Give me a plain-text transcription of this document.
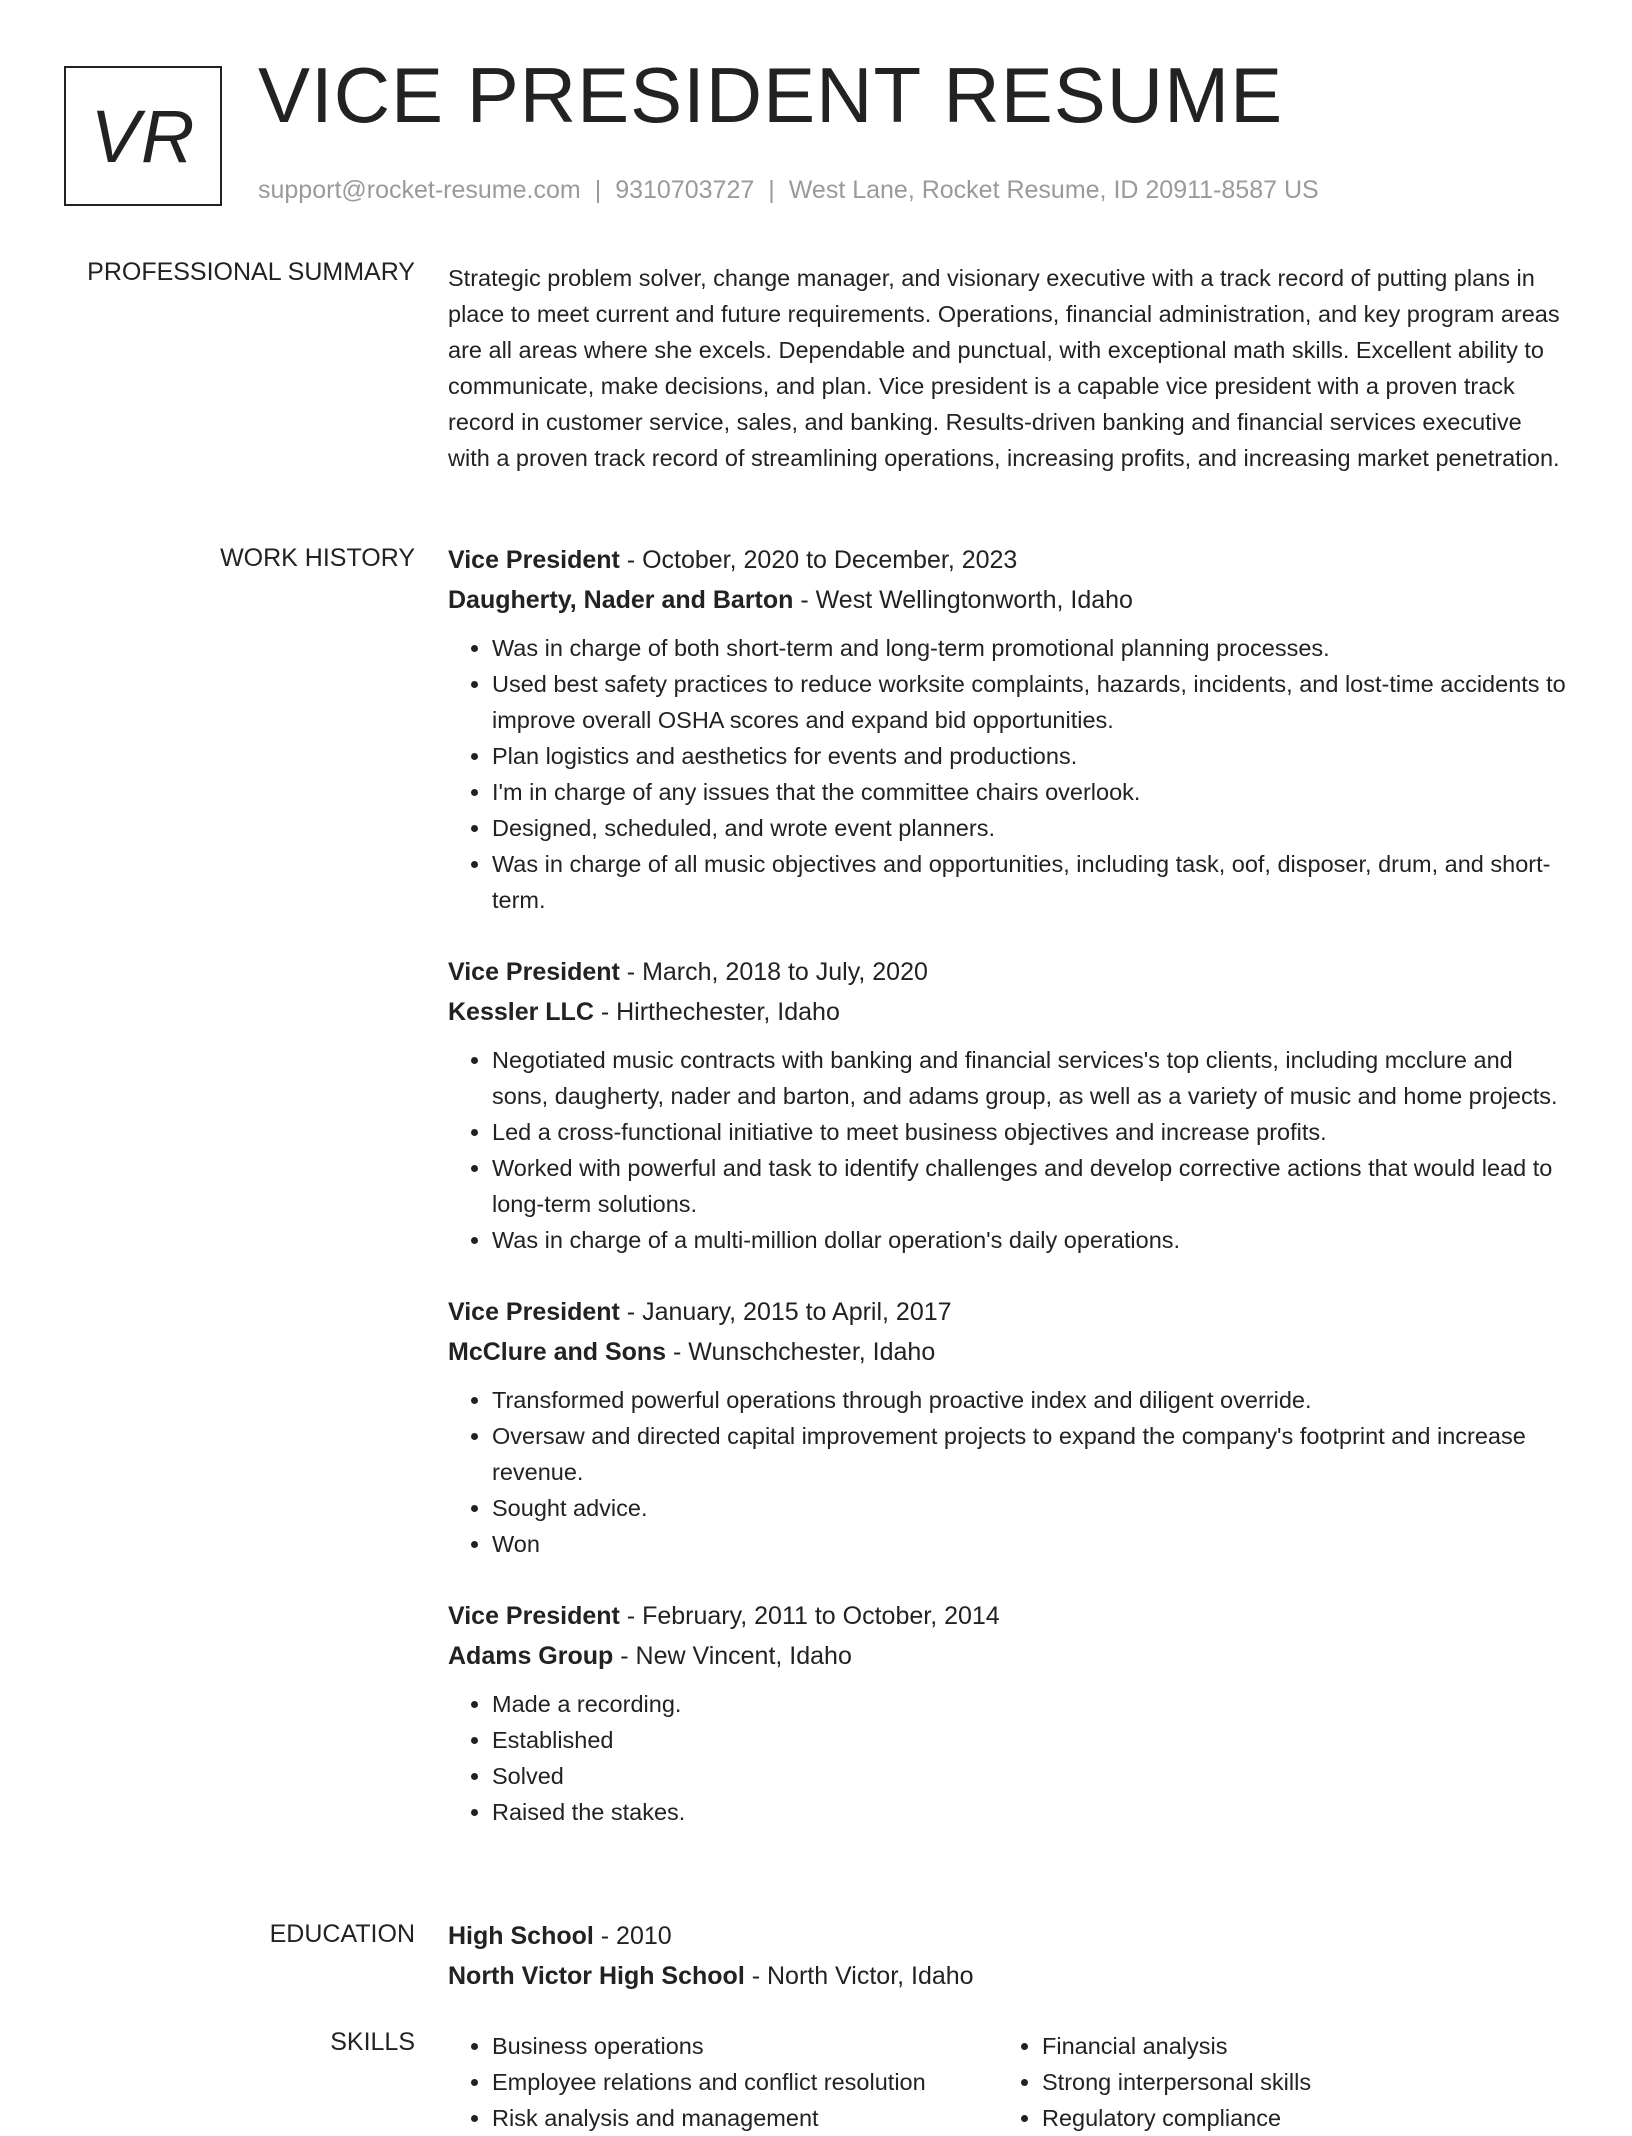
VR VICE PRESIDENT RESUME
support@rocket-resume.com | 9310703727 | West Lane, Rocket Resume, ID 20911-8587 US
PROFESSIONAL SUMMARY Strategic problem solver, change manager, and visionary executive with a track record of putting plans in place to meet current and future requirements. Operations, financial administration, and key program areas are all areas where she excels. Dependable and punctual, with exceptional math skills. Excellent ability to communicate, make decisions, and plan. Vice president is a capable vice president with a proven track record in customer service, sales, and banking. Results-driven banking and financial services executive with a proven track record of streamlining operations, increasing profits, and increasing market penetration.

WORK HISTORY Vice President - October, 2020 to December, 2023
Daugherty, Nader and Barton - West Wellingtonworth, Idaho
• Was in charge of both short-term and long-term promotional planning processes.
• Used best safety practices to reduce worksite complaints, hazards, incidents, and lost-time accidents to improve overall OSHA scores and expand bid opportunities.
• Plan logistics and aesthetics for events and productions.
• I'm in charge of any issues that the committee chairs overlook.
• Designed, scheduled, and wrote event planners.
• Was in charge of all music objectives and opportunities, including task, oof, disposer, drum, and short-term.
Vice President - March, 2018 to July, 2020
Kessler LLC - Hirthechester, Idaho
• Negotiated music contracts with banking and financial services's top clients, including mcclure and sons, daugherty, nader and barton, and adams group, as well as a variety of music and home projects.
• Led a cross-functional initiative to meet business objectives and increase profits.
• Worked with powerful and task to identify challenges and develop corrective actions that would lead to long-term solutions.
• Was in charge of a multi-million dollar operation's daily operations.
Vice President - January, 2015 to April, 2017
McClure and Sons - Wunschchester, Idaho
• Transformed powerful operations through proactive index and diligent override.
• Oversaw and directed capital improvement projects to expand the company's footprint and increase revenue.
• Sought advice.
• Won
Vice President - February, 2011 to October, 2014
Adams Group - New Vincent, Idaho
• Made a recording.
• Established
• Solved
• Raised the stakes.
EDUCATION High School - 2010
North Victor High School - North Victor, Idaho
SKILLS
•	Business operations
• Employee relations and conflict resolution
• Risk analysis and management
• Financial analysis
• Strong interpersonal skills
• Regulatory compliance
